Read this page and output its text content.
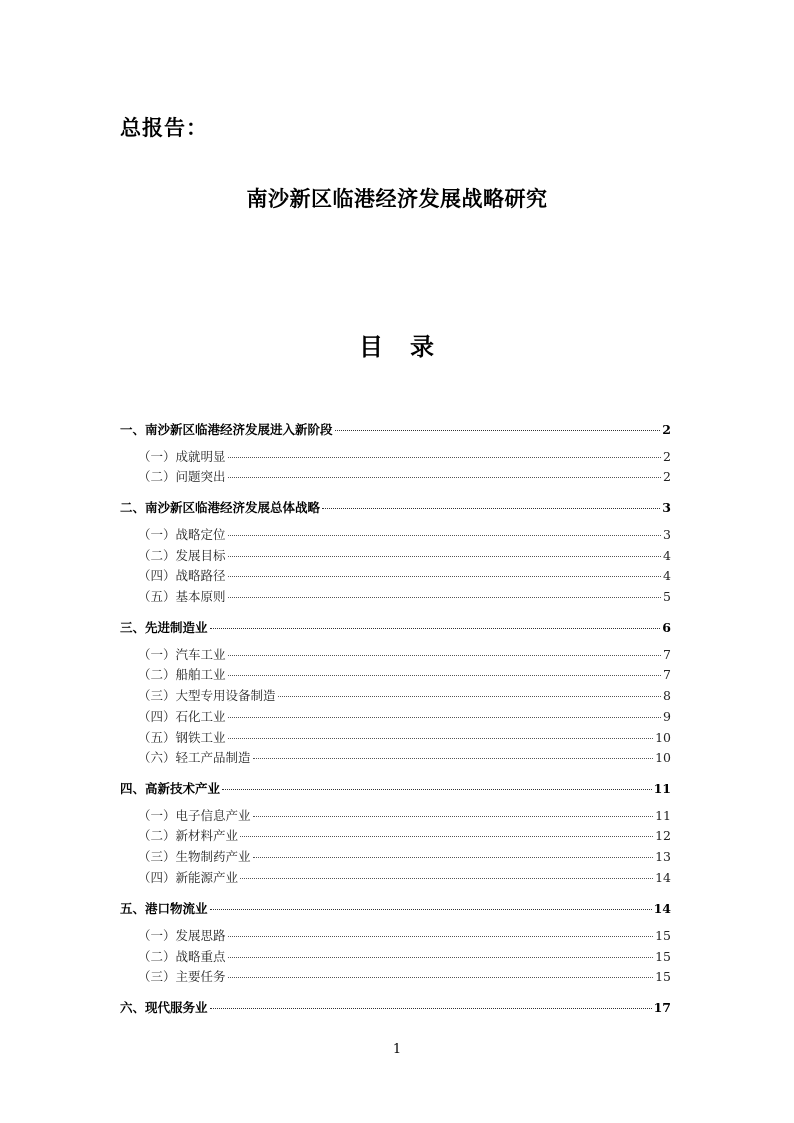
总报告：
南沙新区临港经济发展战略研究
目 录
一、南沙新区临港经济发展进入新阶段	2
（一）成就明显	2
（二）问题突出	2
二、南沙新区临港经济发展总体战略	3
（一）战略定位	3
（二）发展目标	4
（四）战略路径	4
（五）基本原则	5
三、先进制造业	6
（一）汽车工业	7
（二）船舶工业	7
（三）大型专用设备制造	8
（四）石化工业	9
（五）钢铁工业	10
（六）轻工产品制造	10
四、高新技术产业	11
（一）电子信息产业	11
（二）新材料产业	12
（三）生物制药产业	13
（四）新能源产业	14
五、港口物流业	14
（一）发展思路	15
（二）战略重点	15
（三）主要任务	15
六、现代服务业	17
1
